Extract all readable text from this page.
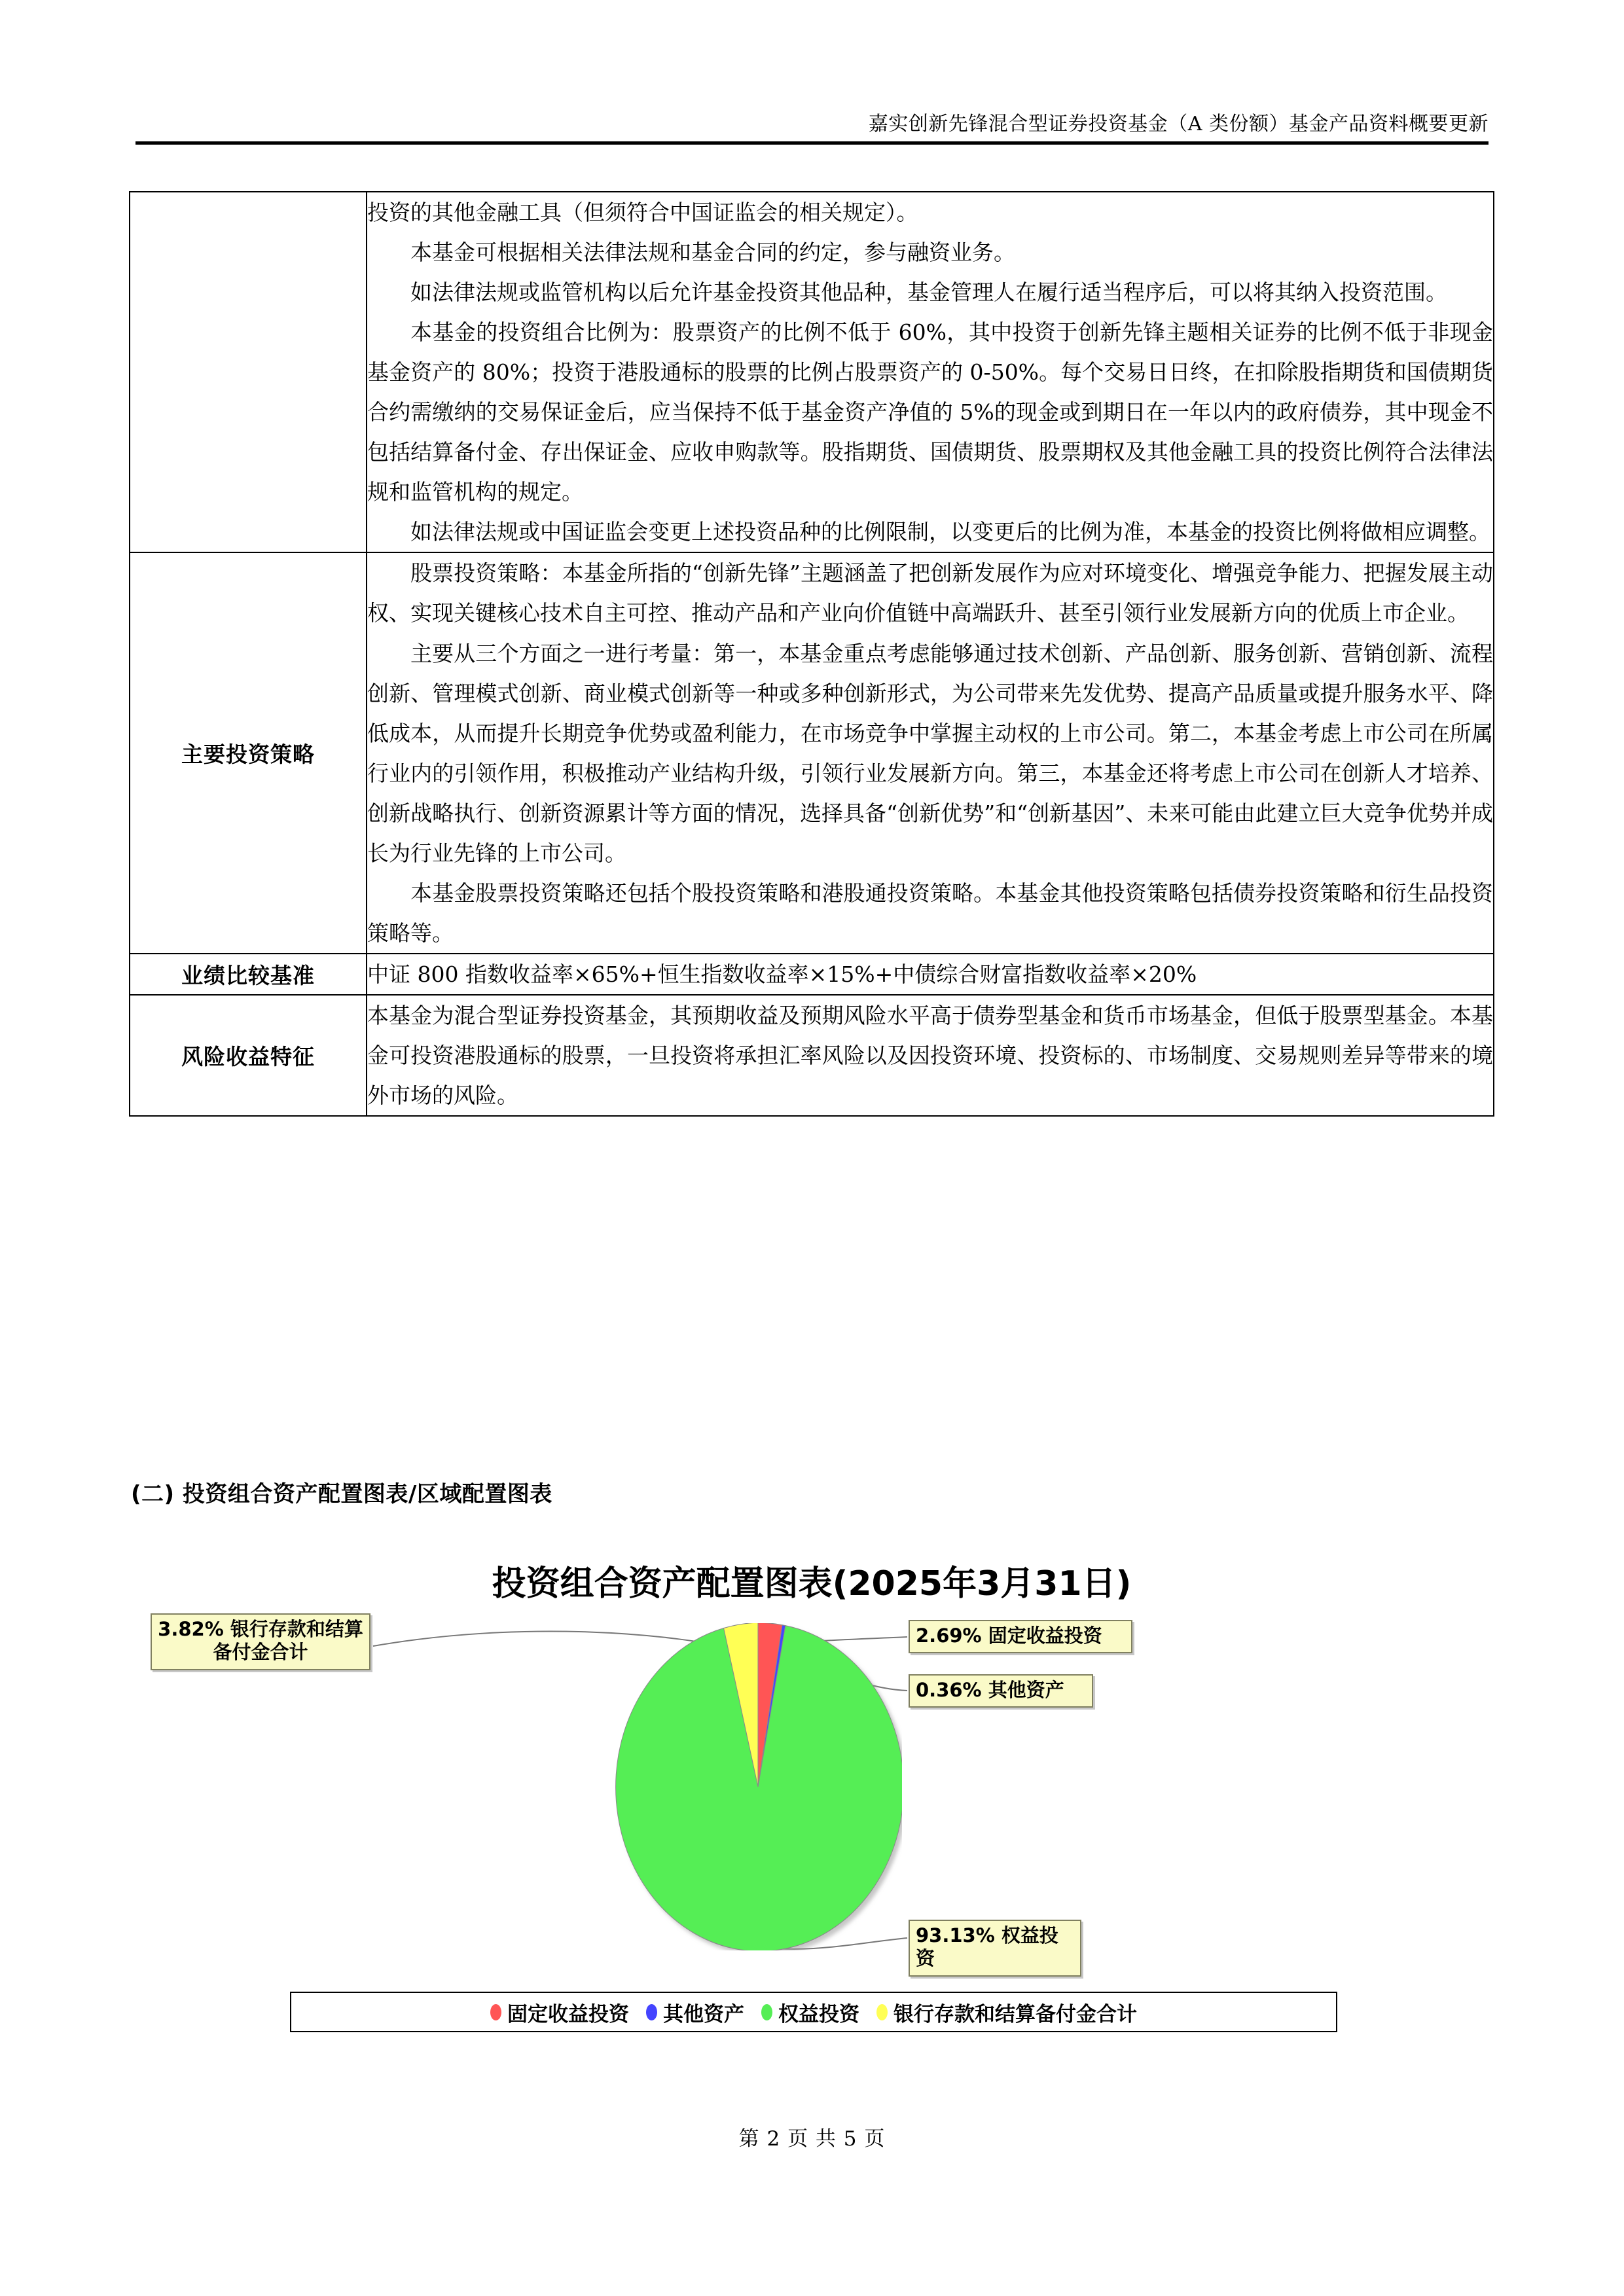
嘉实创新先锋混合型证券投资基金（A 类份额）基金产品资料概要更新

	投资的其他金融工具（但须符合中国证监会的相关规定）。

本基金可根据相关法律法规和基金合同的约定，参与融资业务。

如法律法规或监管机构以后允许基金投资其他品种，基金管理人在履行适当程序后，可以将其纳入投资范围。

本基金的投资组合比例为：股票资产的比例不低于 60%，其中投资于创新先锋主题相关证券的比例不低于非现金基金资产的 80%；投资于港股通标的股票的比例占股票资产的 0-50%。每个交易日日终，在扣除股指期货和国债期货合约需缴纳的交易保证金后，应当保持不低于基金资产净值的 5%的现金或到期日在一年以内的政府债券，其中现金不包括结算备付金、存出保证金、应收申购款等。股指期货、国债期货、股票期权及其他金融工具的投资比例符合法律法规和监管机构的规定。

如法律法规或中国证监会变更上述投资品种的比例限制，以变更后的比例为准，本基金的投资比例将做相应调整。

主要投资策略	股票投资策略：本基金所指的“创新先锋”主题涵盖了把创新发展作为应对环境变化、增强竞争能力、把握发展主动权、实现关键核心技术自主可控、推动产品和产业向价值链中高端跃升、甚至引领行业发展新方向的优质上市企业。

主要从三个方面之一进行考量：第一，本基金重点考虑能够通过技术创新、产品创新、服务创新、营销创新、流程创新、管理模式创新、商业模式创新等一种或多种创新形式，为公司带来先发优势、提高产品质量或提升服务水平、降低成本，从而提升长期竞争优势或盈利能力，在市场竞争中掌握主动权的上市公司。第二，本基金考虑上市公司在所属行业内的引领作用，积极推动产业结构升级，引领行业发展新方向。第三，本基金还将考虑上市公司在创新人才培养、创新战略执行、创新资源累计等方面的情况，选择具备“创新优势”和“创新基因”、未来可能由此建立巨大竞争优势并成长为行业先锋的上市公司。

本基金股票投资策略还包括个股投资策略和港股通投资策略。本基金其他投资策略包括债券投资策略和衍生品投资策略等。

业绩比较基准	中证 800 指数收益率×65%+恒生指数收益率×15%+中债综合财富指数收益率×20%

风险收益特征	本基金为混合型证券投资基金，其预期收益及预期风险水平高于债券型基金和货币市场基金，但低于股票型基金。本基金可投资港股通标的股票，一旦投资将承担汇率风险以及因投资环境、投资标的、市场制度、交易规则差异等带来的境外市场的风险。

(二) 投资组合资产配置图表/区域配置图表
投资组合资产配置图表(2025年3月31日)
3.82% 银行存款和结算备付金合计
2.69% 固定收益投资
0.36% 其他资产
93.13% 权益投资
固定收益投资 其他资产 权益投资 银行存款和结算备付金合计
第 2 页 共 5 页
